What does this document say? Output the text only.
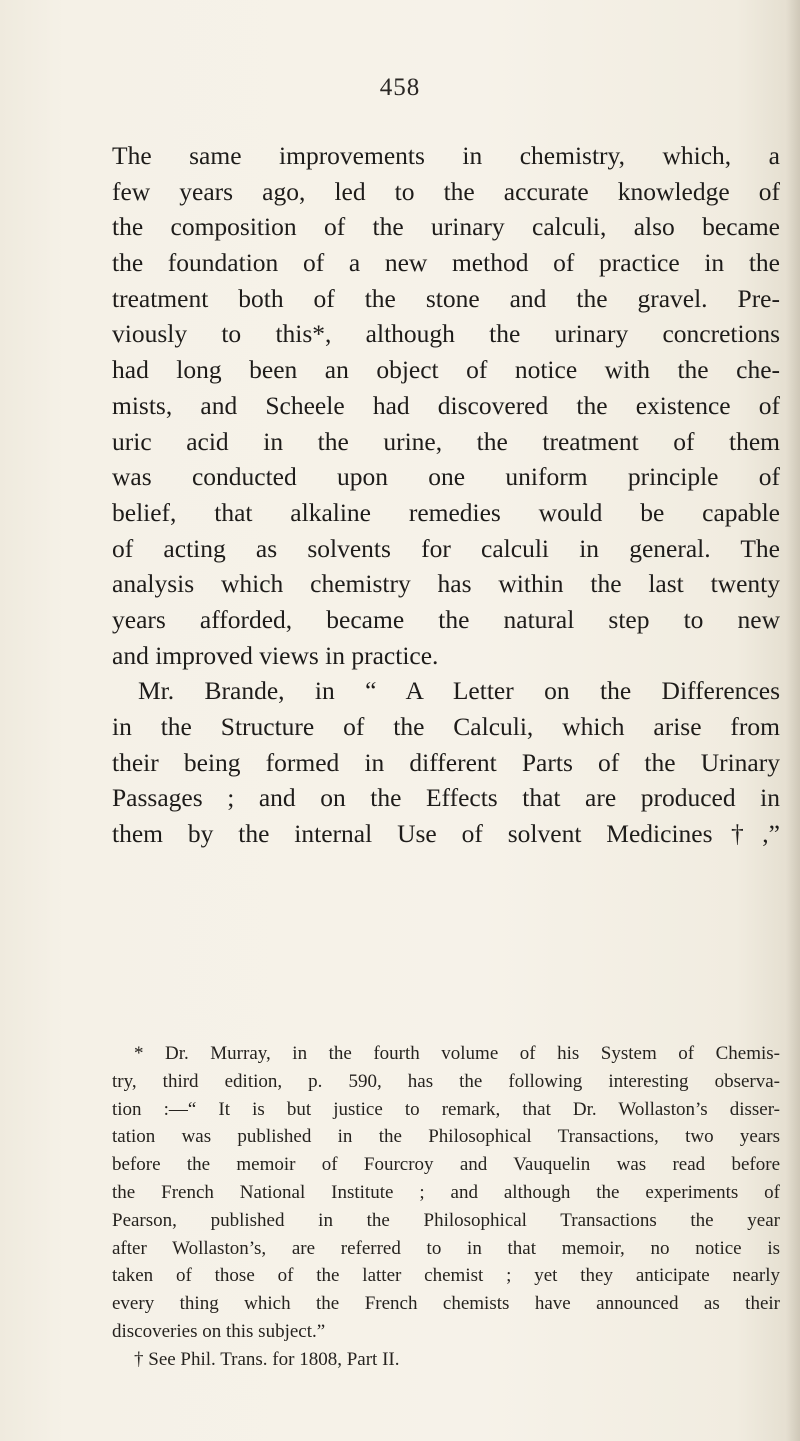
458
The same improvements in chemistry, which, a
few years ago, led to the accurate knowledge of
the composition of the urinary calculi, also became
the foundation of a new method of practice in the
treatment both of the stone and the gravel. Pre-
viously to this*, although the urinary concretions
had long been an object of notice with the che-
mists, and Scheele had discovered the existence of
uric acid in the urine, the treatment of them
was conducted upon one uniform principle of
belief, that alkaline remedies would be capable
of acting as solvents for calculi in general. The
analysis which chemistry has within the last twenty
years afforded, became the natural step to new
and improved views in practice.
Mr. Brande, in “ A Letter on the Differences
in the Structure of the Calculi, which arise from
their being formed in different Parts of the Urinary
Passages ; and on the Effects that are produced in
them by the internal Use of solvent Medicines†,”
* Dr. Murray, in the fourth volume of his System of Chemis-
try, third edition, p. 590, has the following interesting observa-
tion :—“ It is but justice to remark, that Dr. Wollaston’s disser-
tation was published in the Philosophical Transactions, two years
before the memoir of Fourcroy and Vauquelin was read before
the French National Institute ; and although the experiments of
Pearson, published in the Philosophical Transactions the year
after Wollaston’s, are referred to in that memoir, no notice is
taken of those of the latter chemist ; yet they anticipate nearly
every thing which the French chemists have announced as their
discoveries on this subject.”
† See Phil. Trans. for 1808, Part II.
